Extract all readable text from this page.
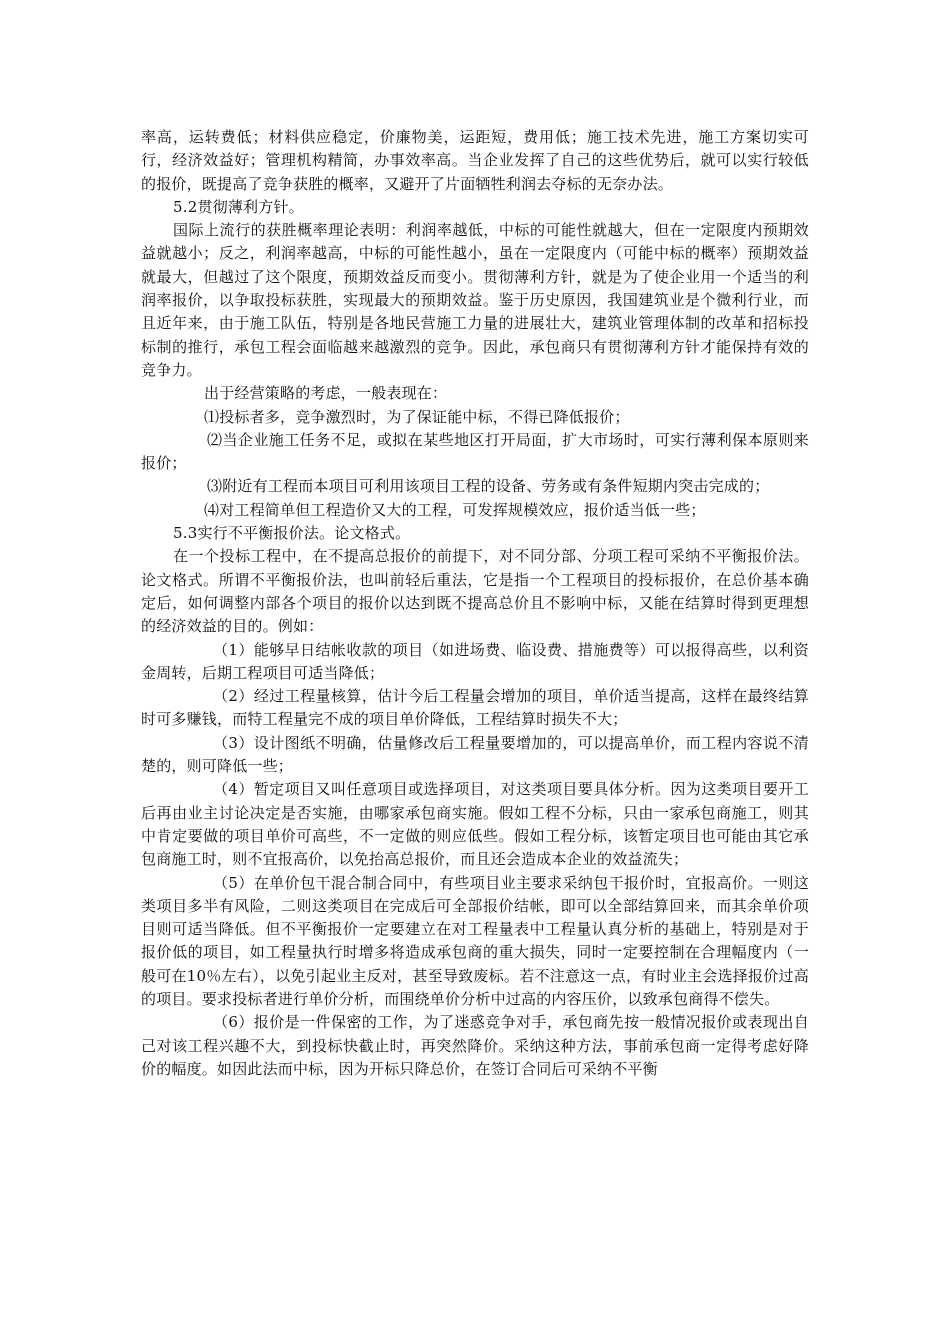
率高，运转费低；材料供应稳定，价廉物美，运距短，费用低；施工技术先进，施工方案切实可行，经济效益好；管理机构精简，办事效率高。当企业发挥了自己的这些优势后，就可以实行较低的报价，既提高了竞争获胜的概率，又避开了片面牺牲利润去夺标的无奈办法。

5.2贯彻薄利方针。

国际上流行的获胜概率理论表明：利润率越低，中标的可能性就越大，但在一定限度内预期效益就越小；反之，利润率越高，中标的可能性越小，虽在一定限度内（可能中标的概率）预期效益就最大，但越过了这个限度，预期效益反而变小。贯彻薄利方针，就是为了使企业用一个适当的利润率报价，以争取投标获胜，实现最大的预期效益。鉴于历史原因，我国建筑业是个微利行业，而且近年来，由于施工队伍，特别是各地民营施工力量的进展壮大，建筑业管理体制的改革和招标投标制的推行，承包工程会面临越来越激烈的竞争。因此，承包商只有贯彻薄利方针才能保持有效的竞争力。

出于经营策略的考虑，一般表现在：

⑴投标者多，竞争激烈时，为了保证能中标，不得已降低报价；

⑵当企业施工任务不足，或拟在某些地区打开局面，扩大市场时，可实行薄利保本原则来报价；

⑶附近有工程而本项目可利用该项目工程的设备、劳务或有条件短期内突击完成的；

⑷对工程简单但工程造价又大的工程，可发挥规模效应，报价适当低一些；

5.3实行不平衡报价法。论文格式。

在一个投标工程中，在不提高总报价的前提下，对不同分部、分项工程可采纳不平衡报价法。论文格式。所谓不平衡报价法，也叫前轻后重法，它是指一个工程项目的投标报价，在总价基本确定后，如何调整内部各个项目的报价以达到既不提高总价且不影响中标，又能在结算时得到更理想的经济效益的目的。例如：

（1）能够早日结帐收款的项目（如进场费、临设费、措施费等）可以报得高些，以利资金周转，后期工程项目可适当降低；

（2）经过工程量核算，估计今后工程量会增加的项目，单价适当提高，这样在最终结算时可多赚钱，而特工程量完不成的项目单价降低，工程结算时损失不大；

（3）设计图纸不明确，估量修改后工程量要增加的，可以提高单价，而工程内容说不清楚的，则可降低一些；

（4）暂定项目又叫任意项目或选择项目，对这类项目要具体分析。因为这类项目要开工后再由业主讨论决定是否实施，由哪家承包商实施。假如工程不分标，只由一家承包商施工，则其中肯定要做的项目单价可高些，不一定做的则应低些。假如工程分标，该暂定项目也可能由其它承包商施工时，则不宜报高价，以免抬高总报价，而且还会造成本企业的效益流失；

（5）在单价包干混合制合同中，有些项目业主要求采纳包干报价时，宜报高价。一则这类项目多半有风险，二则这类项目在完成后可全部报价结帐，即可以全部结算回来，而其余单价项目则可适当降低。但不平衡报价一定要建立在对工程量表中工程量认真分析的基础上，特别是对于报价低的项目，如工程量执行时增多将造成承包商的重大损失，同时一定要控制在合理幅度内（一般可在10％左右），以免引起业主反对，甚至导致废标。若不注意这一点，有时业主会选择报价过高的项目。要求投标者进行单价分析，而围绕单价分析中过高的内容压价，以致承包商得不偿失。

（6）报价是一件保密的工作，为了迷惑竞争对手，承包商先按一般情况报价或表现出自己对该工程兴趣不大，到投标快截止时，再突然降价。采纳这种方法，事前承包商一定得考虑好降价的幅度。如因此法而中标，因为开标只降总价，在签订合同后可采纳不平衡
